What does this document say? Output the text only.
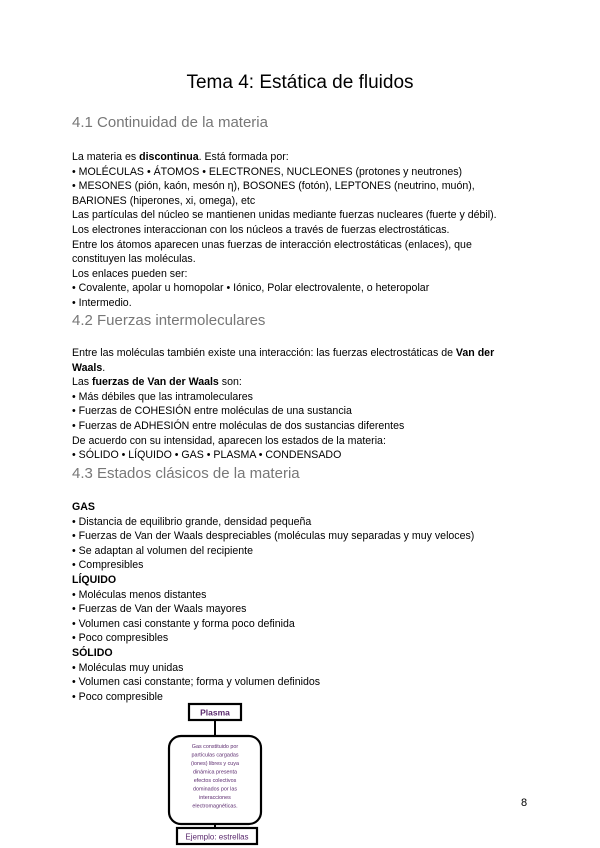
Tema 4: Estática de fluidos
4.1 Continuidad de la materia
La materia es discontinua. Está formada por:
• MOLÉCULAS • ÁTOMOS • ELECTRONES, NUCLEONES (protones y neutrones)
• MESONES (pión, kaón, mesón η), BOSONES (fotón), LEPTONES (neutrino, muón),
BARIONES (hiperones, xi, omega), etc
Las partículas del núcleo se mantienen unidas mediante fuerzas nucleares (fuerte y débil).
Los electrones interaccionan con los núcleos a través de fuerzas electrostáticas.
Entre los átomos aparecen unas fuerzas de interacción electrostáticas (enlaces), que
constituyen las moléculas.
Los enlaces pueden ser:
• Covalente, apolar u homopolar • Iónico, Polar electrovalente, o heteropolar
• Intermedio.
4.2 Fuerzas intermoleculares
Entre las moléculas también existe una interacción: las fuerzas electrostáticas de Van der
Waals.
Las fuerzas de Van der Waals son:
• Más débiles que las intramoleculares
• Fuerzas de COHESIÓN entre moléculas de una sustancia
• Fuerzas de ADHESIÓN entre moléculas de dos sustancias diferentes
De acuerdo con su intensidad, aparecen los estados de la materia:
• SÓLIDO • LÍQUIDO • GAS • PLASMA • CONDENSADO
4.3 Estados clásicos de la materia
GAS
• Distancia de equilibrio grande, densidad pequeña
• Fuerzas de Van der Waals despreciables (moléculas muy separadas y muy veloces)
• Se adaptan al volumen del recipiente
• Compresibles
LÍQUIDO
• Moléculas menos distantes
• Fuerzas de Van der Waals mayores
• Volumen casi constante y forma poco definida
• Poco compresibles
SÓLIDO
• Moléculas muy unidas
• Volumen casi constante; forma y volumen definidos
• Poco compresible
Plasma
Gas constituido por
partículas cargadas
(iones) libres y cuya
dinámica presenta
efectos colectivos
dominados por las
interacciones
electromagnéticas.
Ejemplo: estrellas
8
